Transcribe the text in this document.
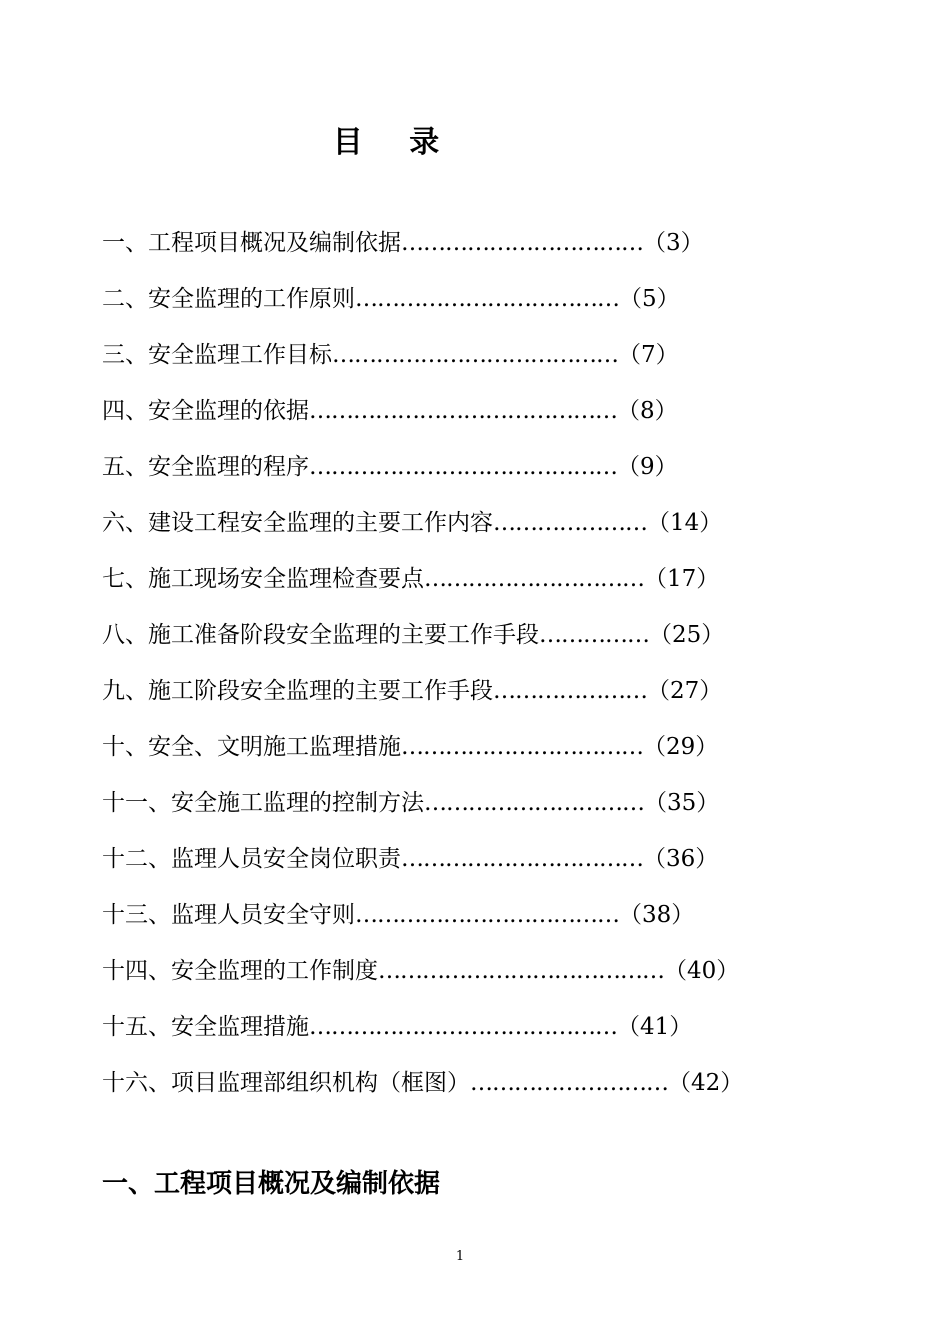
目 录
一、工程项目概况及编制依据……………………………（3）
二、安全监理的工作原则………………………………（5）
三、安全监理工作目标…………………………………（7）
四、安全监理的依据……………………………………（8）
五、安全监理的程序……………………………………（9）
六、建设工程安全监理的主要工作内容…………………（14）
七、施工现场安全监理检查要点…………………………（17）
八、施工准备阶段安全监理的主要工作手段……………（25）
九、施工阶段安全监理的主要工作手段…………………（27）
十、安全、文明施工监理措施……………………………（29）
十一、安全施工监理的控制方法…………………………（35）
十二、监理人员安全岗位职责……………………………（36）
十三、监理人员安全守则………………………………（38）
十四、安全监理的工作制度…………………………………（40）
十五、安全监理措施……………………………………（41）
十六、项目监理部组织机构（框图）………………………（42）
一、工程项目概况及编制依据
1
